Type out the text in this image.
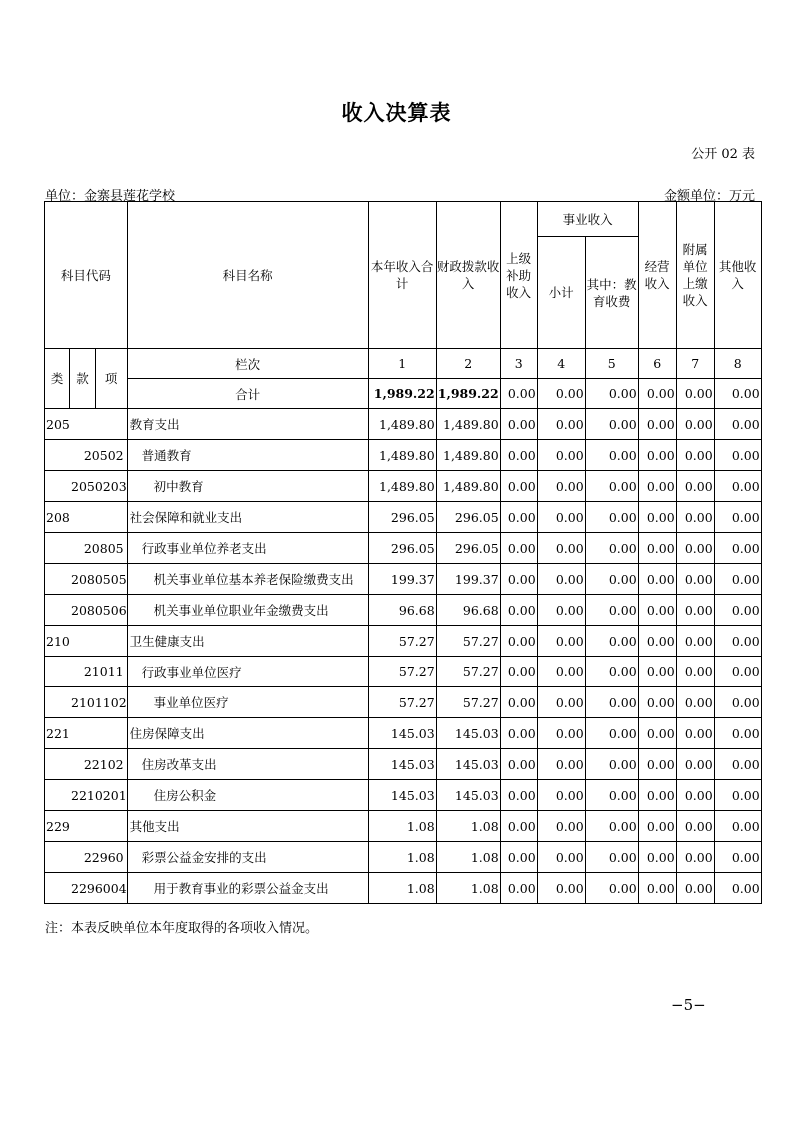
收入决算表
公开 02 表
单位：金寨县莲花学校	金额单位：万元
科目代码			科目名称	本年收入合计	财政拨款收入	上级补助收入	事业收入		经营收入	附属单位上缴收入	其他收入
							小计	其中：教育收费			

类	款	项	栏次	1	2	3	4	5	6	7	8
			合计	1,989.22	1,989.22	0.00	0.00	0.00	0.00	0.00	0.00
205			教育支出	1,489.80	1,489.80	0.00	0.00	0.00	0.00	0.00	0.00
	20502		普通教育	1,489.80	1,489.80	0.00	0.00	0.00	0.00	0.00	0.00
2050203			初中教育	1,489.80	1,489.80	0.00	0.00	0.00	0.00	0.00	0.00
208			社会保障和就业支出	296.05	296.05	0.00	0.00	0.00	0.00	0.00	0.00
	20805		行政事业单位养老支出	296.05	296.05	0.00	0.00	0.00	0.00	0.00	0.00
2080505			机关事业单位基本养老保险缴费支出	199.37	199.37	0.00	0.00	0.00	0.00	0.00	0.00
2080506			机关事业单位职业年金缴费支出	96.68	96.68	0.00	0.00	0.00	0.00	0.00	0.00
210			卫生健康支出	57.27	57.27	0.00	0.00	0.00	0.00	0.00	0.00
	21011		行政事业单位医疗	57.27	57.27	0.00	0.00	0.00	0.00	0.00	0.00
2101102			事业单位医疗	57.27	57.27	0.00	0.00	0.00	0.00	0.00	0.00
221			住房保障支出	145.03	145.03	0.00	0.00	0.00	0.00	0.00	0.00
	22102		住房改革支出	145.03	145.03	0.00	0.00	0.00	0.00	0.00	0.00
2210201			住房公积金	145.03	145.03	0.00	0.00	0.00	0.00	0.00	0.00
229			其他支出	1.08	1.08	0.00	0.00	0.00	0.00	0.00	0.00
	22960		彩票公益金安排的支出	1.08	1.08	0.00	0.00	0.00	0.00	0.00	0.00
2296004			用于教育事业的彩票公益金支出	1.08	1.08	0.00	0.00	0.00	0.00	0.00	0.00
注：本表反映单位本年度取得的各项收入情况。
−5−
